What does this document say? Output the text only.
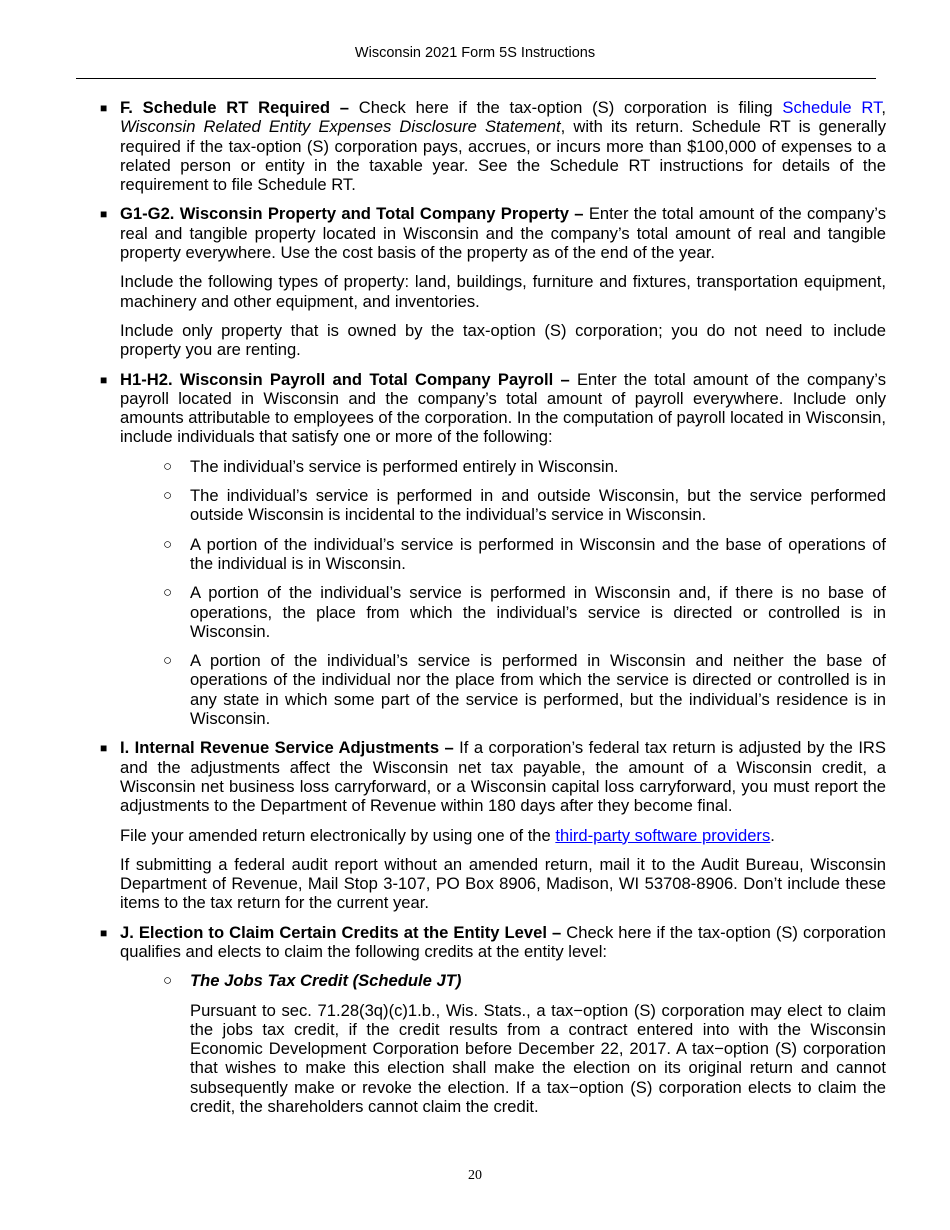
Wisconsin 2021 Form 5S Instructions
■ F. Schedule RT Required – Check here if the tax-option (S) corporation is filing Schedule RT, Wisconsin Related Entity Expenses Disclosure Statement, with its return. Schedule RT is generally required if the tax-option (S) corporation pays, accrues, or incurs more than $100,000 of expenses to a related person or entity in the taxable year. See the Schedule RT instructions for details of the requirement to file Schedule RT.
■ G1-G2. Wisconsin Property and Total Company Property – Enter the total amount of the company’s real and tangible property located in Wisconsin and the company’s total amount of real and tangible property everywhere. Use the cost basis of the property as of the end of the year.
Include the following types of property: land, buildings, furniture and fixtures, transportation equipment, machinery and other equipment, and inventories.
Include only property that is owned by the tax-option (S) corporation; you do not need to include property you are renting.
■ H1-H2. Wisconsin Payroll and Total Company Payroll – Enter the total amount of the company’s payroll located in Wisconsin and the company’s total amount of payroll everywhere. Include only amounts attributable to employees of the corporation. In the computation of payroll located in Wisconsin, include individuals that satisfy one or more of the following:
○ The individual’s service is performed entirely in Wisconsin.
○ The individual’s service is performed in and outside Wisconsin, but the service performed outside Wisconsin is incidental to the individual’s service in Wisconsin.
○ A portion of the individual’s service is performed in Wisconsin and the base of operations of the individual is in Wisconsin.
○ A portion of the individual’s service is performed in Wisconsin and, if there is no base of operations, the place from which the individual’s service is directed or controlled is in Wisconsin.
○ A portion of the individual’s service is performed in Wisconsin and neither the base of operations of the individual nor the place from which the service is directed or controlled is in any state in which some part of the service is performed, but the individual’s residence is in Wisconsin.
■ I. Internal Revenue Service Adjustments – If a corporation’s federal tax return is adjusted by the IRS and the adjustments affect the Wisconsin net tax payable, the amount of a Wisconsin credit, a Wisconsin net business loss carryforward, or a Wisconsin capital loss carryforward, you must report the adjustments to the Department of Revenue within 180 days after they become final.
File your amended return electronically by using one of the third-party software providers.
If submitting a federal audit report without an amended return, mail it to the Audit Bureau, Wisconsin Department of Revenue, Mail Stop 3-107, PO Box 8906, Madison, WI 53708-8906. Don’t include these items to the tax return for the current year.
■ J. Election to Claim Certain Credits at the Entity Level – Check here if the tax-option (S) corporation qualifies and elects to claim the following credits at the entity level:
○ The Jobs Tax Credit (Schedule JT)
Pursuant to sec. 71.28(3q)(c)1.b., Wis. Stats., a tax−option (S) corporation may elect to claim the jobs tax credit, if the credit results from a contract entered into with the Wisconsin Economic Development Corporation before December 22, 2017. A tax−option (S) corporation that wishes to make this election shall make the election on its original return and cannot subsequently make or revoke the election. If a tax−option (S) corporation elects to claim the credit, the shareholders cannot claim the credit.
20
